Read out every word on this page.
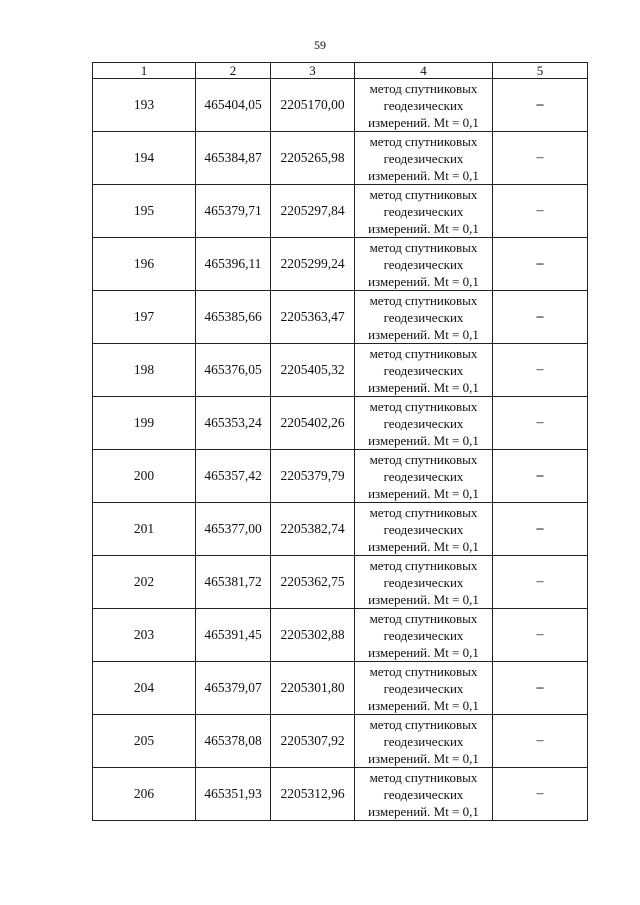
59
1	2	3	4	5
193	465404,05	2205170,00	метод спутниковых
геодезических
измерений. Mt = 0,1	–
194	465384,87	2205265,98	метод спутниковых
геодезических
измерений. Mt = 0,1	–
195	465379,71	2205297,84	метод спутниковых
геодезических
измерений. Mt = 0,1	–
196	465396,11	2205299,24	метод спутниковых
геодезических
измерений. Mt = 0,1	–
197	465385,66	2205363,47	метод спутниковых
геодезических
измерений. Mt = 0,1	–
198	465376,05	2205405,32	метод спутниковых
геодезических
измерений. Mt = 0,1	–
199	465353,24	2205402,26	метод спутниковых
геодезических
измерений. Mt = 0,1	–
200	465357,42	2205379,79	метод спутниковых
геодезических
измерений. Mt = 0,1	–
201	465377,00	2205382,74	метод спутниковых
геодезических
измерений. Mt = 0,1	–
202	465381,72	2205362,75	метод спутниковых
геодезических
измерений. Mt = 0,1	–
203	465391,45	2205302,88	метод спутниковых
геодезических
измерений. Mt = 0,1	–
204	465379,07	2205301,80	метод спутниковых
геодезических
измерений. Mt = 0,1	–
205	465378,08	2205307,92	метод спутниковых
геодезических
измерений. Mt = 0,1	–
206	465351,93	2205312,96	метод спутниковых
геодезических
измерений. Mt = 0,1	–
